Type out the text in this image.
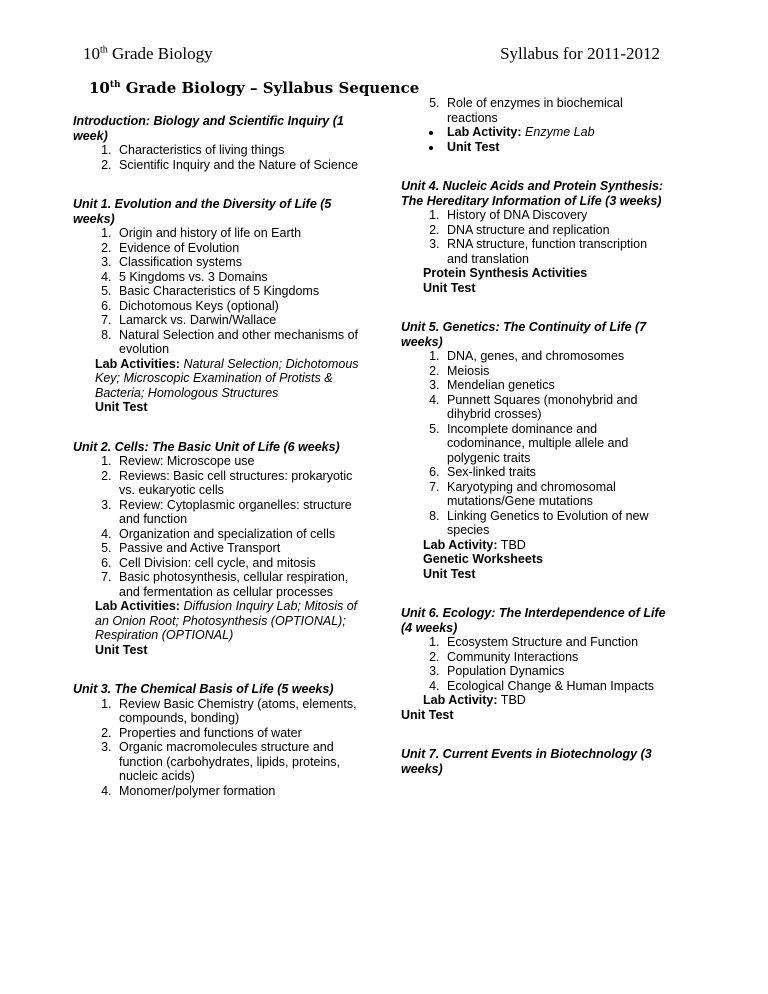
10th Grade Biology	Syllabus for 2011-2012
10th Grade Biology – Syllabus Sequence
Introduction: Biology and Scientific Inquiry (1 week)
1. Characteristics of living things
2. Scientific Inquiry and the Nature of Science
Unit 1. Evolution and the Diversity of Life (5 weeks)
1. Origin and history of life on Earth
2. Evidence of Evolution
3. Classification systems
4. 5 Kingdoms vs. 3 Domains
5. Basic Characteristics of 5 Kingdoms
6. Dichotomous Keys (optional)
7. Lamarck vs. Darwin/Wallace
8. Natural Selection and other mechanisms of evolution
Lab Activities: Natural Selection; Dichotomous Key; Microscopic Examination of Protists & Bacteria; Homologous Structures
Unit Test
Unit 2. Cells: The Basic Unit of Life (6 weeks)
1. Review: Microscope use
2. Reviews: Basic cell structures: prokaryotic vs. eukaryotic cells
3. Review: Cytoplasmic organelles: structure and function
4. Organization and specialization of cells
5. Passive and Active Transport
6. Cell Division: cell cycle, and mitosis
7. Basic photosynthesis, cellular respiration, and fermentation as cellular processes
Lab Activities: Diffusion Inquiry Lab; Mitosis of an Onion Root; Photosynthesis (OPTIONAL); Respiration (OPTIONAL)
Unit Test
Unit 3. The Chemical Basis of Life (5 weeks)
1. Review Basic Chemistry (atoms, elements, compounds, bonding)
2. Properties and functions of water
3. Organic macromolecules structure and function (carbohydrates, lipids, proteins, nucleic acids)
4. Monomer/polymer formation
5. Role of enzymes in biochemical reactions
• Lab Activity: Enzyme Lab
• Unit Test
Unit 4. Nucleic Acids and Protein Synthesis: The Hereditary Information of Life (3 weeks)
1. History of DNA Discovery
2. DNA structure and replication
3. RNA structure, function transcription and translation
Protein Synthesis Activities
Unit Test
Unit 5. Genetics: The Continuity of Life (7 weeks)
1. DNA, genes, and chromosomes
2. Meiosis
3. Mendelian genetics
4. Punnett Squares (monohybrid and dihybrid crosses)
5. Incomplete dominance and codominance, multiple allele and polygenic traits
6. Sex-linked traits
7. Karyotyping and chromosomal mutations/Gene mutations
8. Linking Genetics to Evolution of new species
Lab Activity: TBD
Genetic Worksheets
Unit Test
Unit 6. Ecology: The Interdependence of Life (4 weeks)
1. Ecosystem Structure and Function
2. Community Interactions
3. Population Dynamics
4. Ecological Change & Human Impacts
Lab Activity: TBD
Unit Test
Unit 7. Current Events in Biotechnology (3 weeks)
